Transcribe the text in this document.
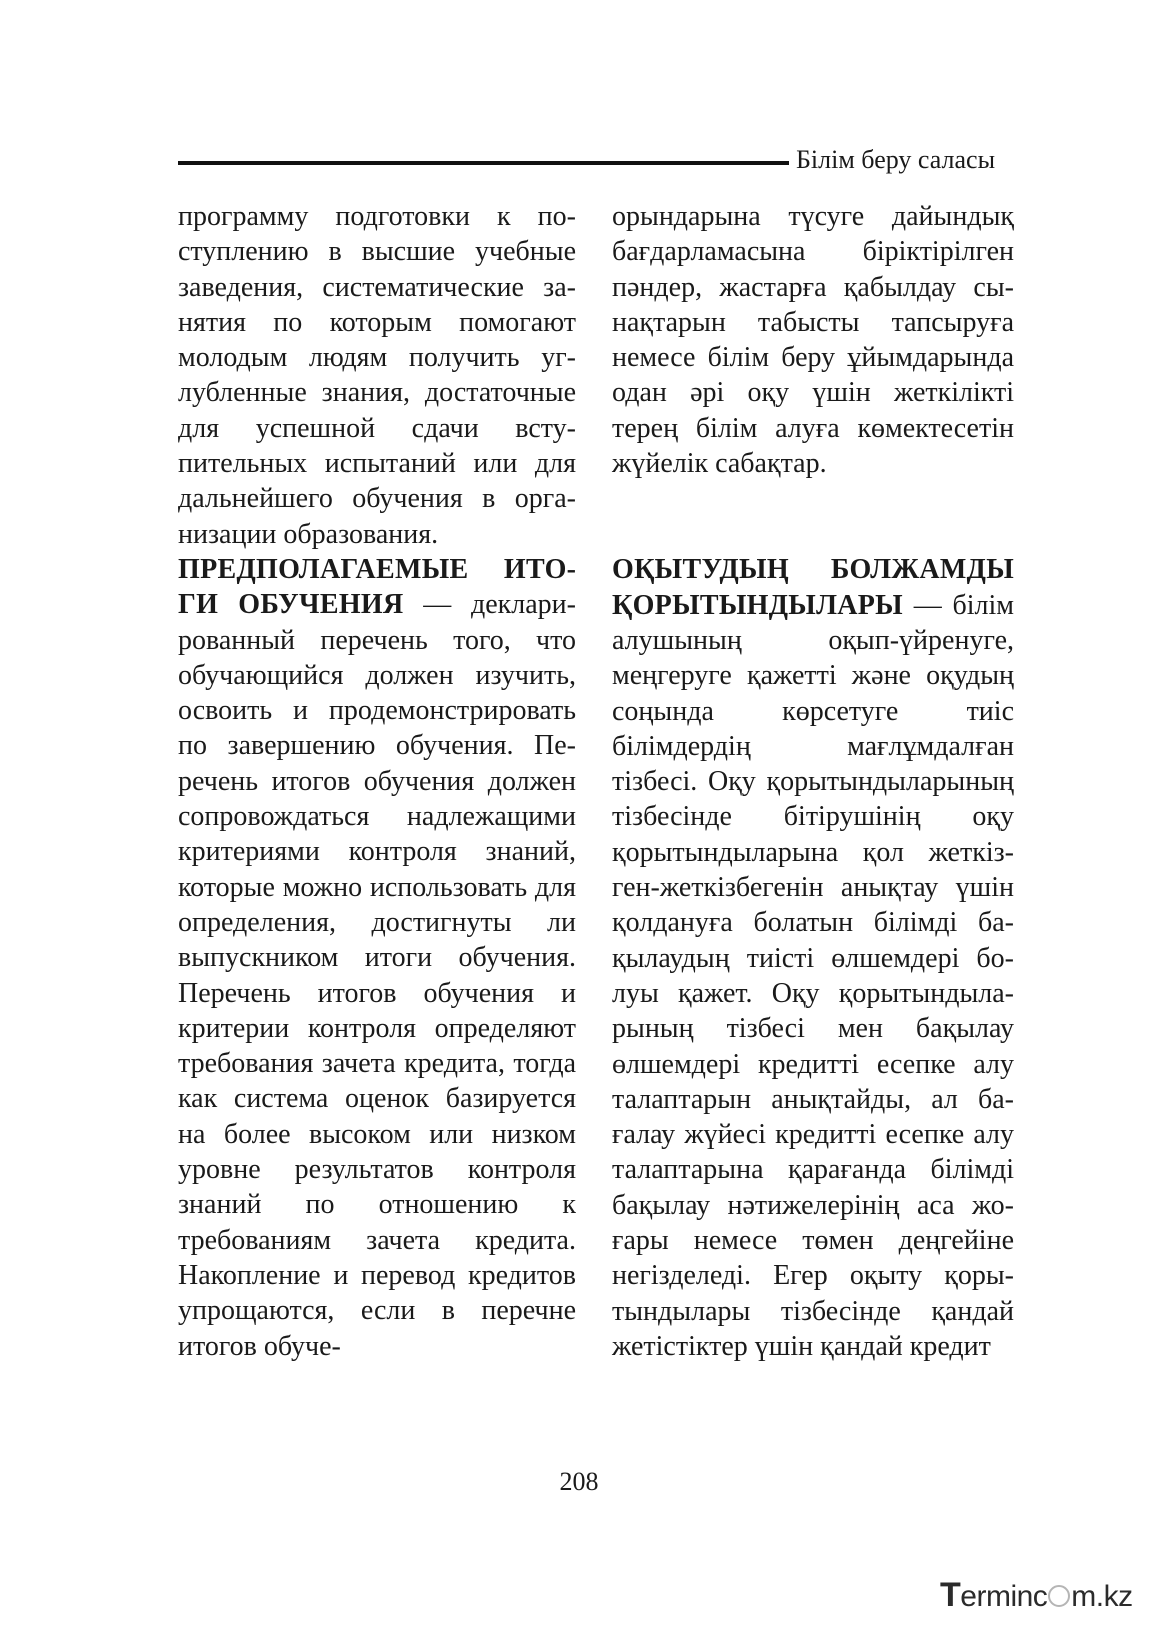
Білім беру саласы

программу подготовки к поступлению в высшие учебные заведения, систематические занятия по которым помогают молодым людям получить углубленные знания, достаточные для успешной сдачи вступительных испытаний или для дальнейшего обучения в организации образования.

ПРЕДПОЛАГАЕМЫЕ ИТОГИ ОБУЧЕНИЯ — декларированный перечень того, что обучающийся должен изучить, освоить и продемонстрировать по завершению обучения. Перечень итогов обучения должен сопровождаться надлежащими критериями контроля знаний, которые можно использовать для определения, достигнуты ли выпускником итоги обучения. Перечень итогов обучения и критерии контроля определяют требования зачета кредита, тогда как система оценок базируется на более высоком или низком уровне результатов контроля знаний по отношению к требованиям зачета кредита. Накопление и перевод кредитов упрощаются, если в перечне итогов обуче-

орындарына түсуге дайындық бағдарламасына біріктірілген пәндер, жастарға қабылдау сынақтарын табысты тапсыруға немесе білім беру ұйымдарында одан әрі оқу үшін жеткілікті терең білім алуға көмектесетін жүйелік сабақтар.

ОҚЫТУДЫҢ БОЛЖАМДЫ ҚОРЫТЫНДЫЛАРЫ — білім алушының оқып-үйренуге, меңгеруге қажетті және оқудың соңында көрсетуге тиіс білімдердің мағлұмдалған тізбесі. Оқу қорытындыларының тізбесінде бітірушінің оқу қорытындыларына қол жеткізген-жеткізбегенін анықтау үшін қолдануға болатын білімді бақылаудың тиісті өлшемдері болуы қажет. Оқу қорытындыларының тізбесі мен бақылау өлшемдері кредитті есепке алу талаптарын анықтайды, ал бағалау жүйесі кредитті есепке алу талаптарына қарағанда білімді бақылау нәтижелерінің аса жоғары немесе төмен деңгейіне негізделеді. Егер оқыту қорытындылары тізбесінде қандай жетістіктер үшін қандай кредит

208
Terminc m.kz
